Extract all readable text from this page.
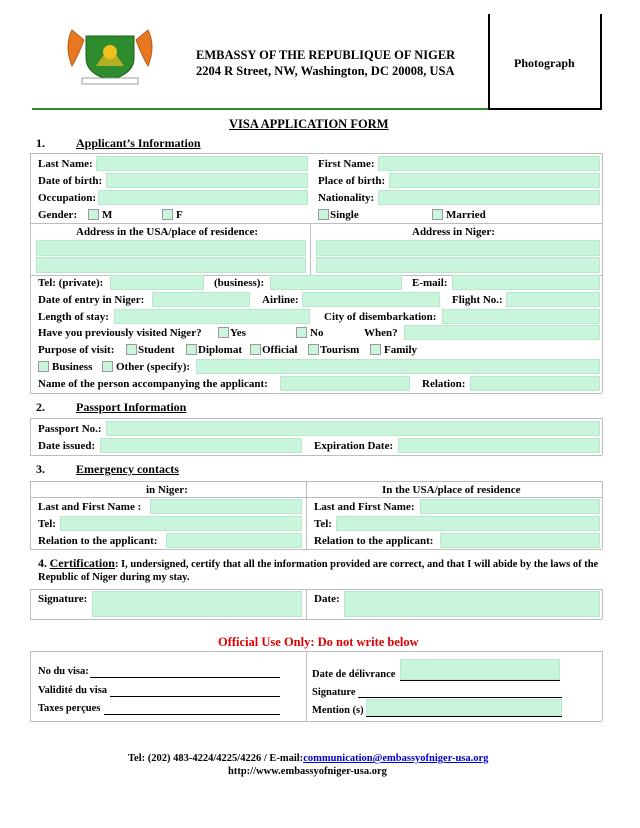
EMBASSY OF THE REPUBLIQUE OF NIGER
2204 R Street, NW, Washington, DC 20008, USA
Photograph
VISA APPLICATION FORM
1.	Applicant’s Information
Last Name:	First Name:
Date of birth:	Place of birth:
Occupation:	Nationality:
Gender: M	F	Single	Married
Address in the USA/place of residence:	Address in Niger:
Tel: (private):	(business):	E-mail:
Date of entry in Niger:	Airline:	Flight No.:
Length of stay:	City of disembarkation:
Have you previously visited Niger?	Yes	No	When?
Purpose of visit: Student Diplomat Official Tourism Family
Business Other (specify):
Name of the person accompanying the applicant:	Relation:
2.	Passport Information
Passport No.:
Date issued:	Expiration Date:
3.	Emergency contacts
in Niger:	In the USA/place of residence
Last and First Name :	Last and First Name:
Tel:	Tel:
Relation to the applicant:	Relation to the applicant:
4. Certification: I, undersigned, certify that all the information provided are correct, and that I will abide by the laws of the
Republic of Niger during my stay.
Signature:	Date:
Official Use Only: Do not write below
No du visa:
Validité du visa
Taxes perçues
Date de délivrance
Signature
Mention (s)
Tel: (202) 483-4224/4225/4226 / E-mail:communication@embassyofniger-usa.org
http://www.embassyofniger-usa.org
